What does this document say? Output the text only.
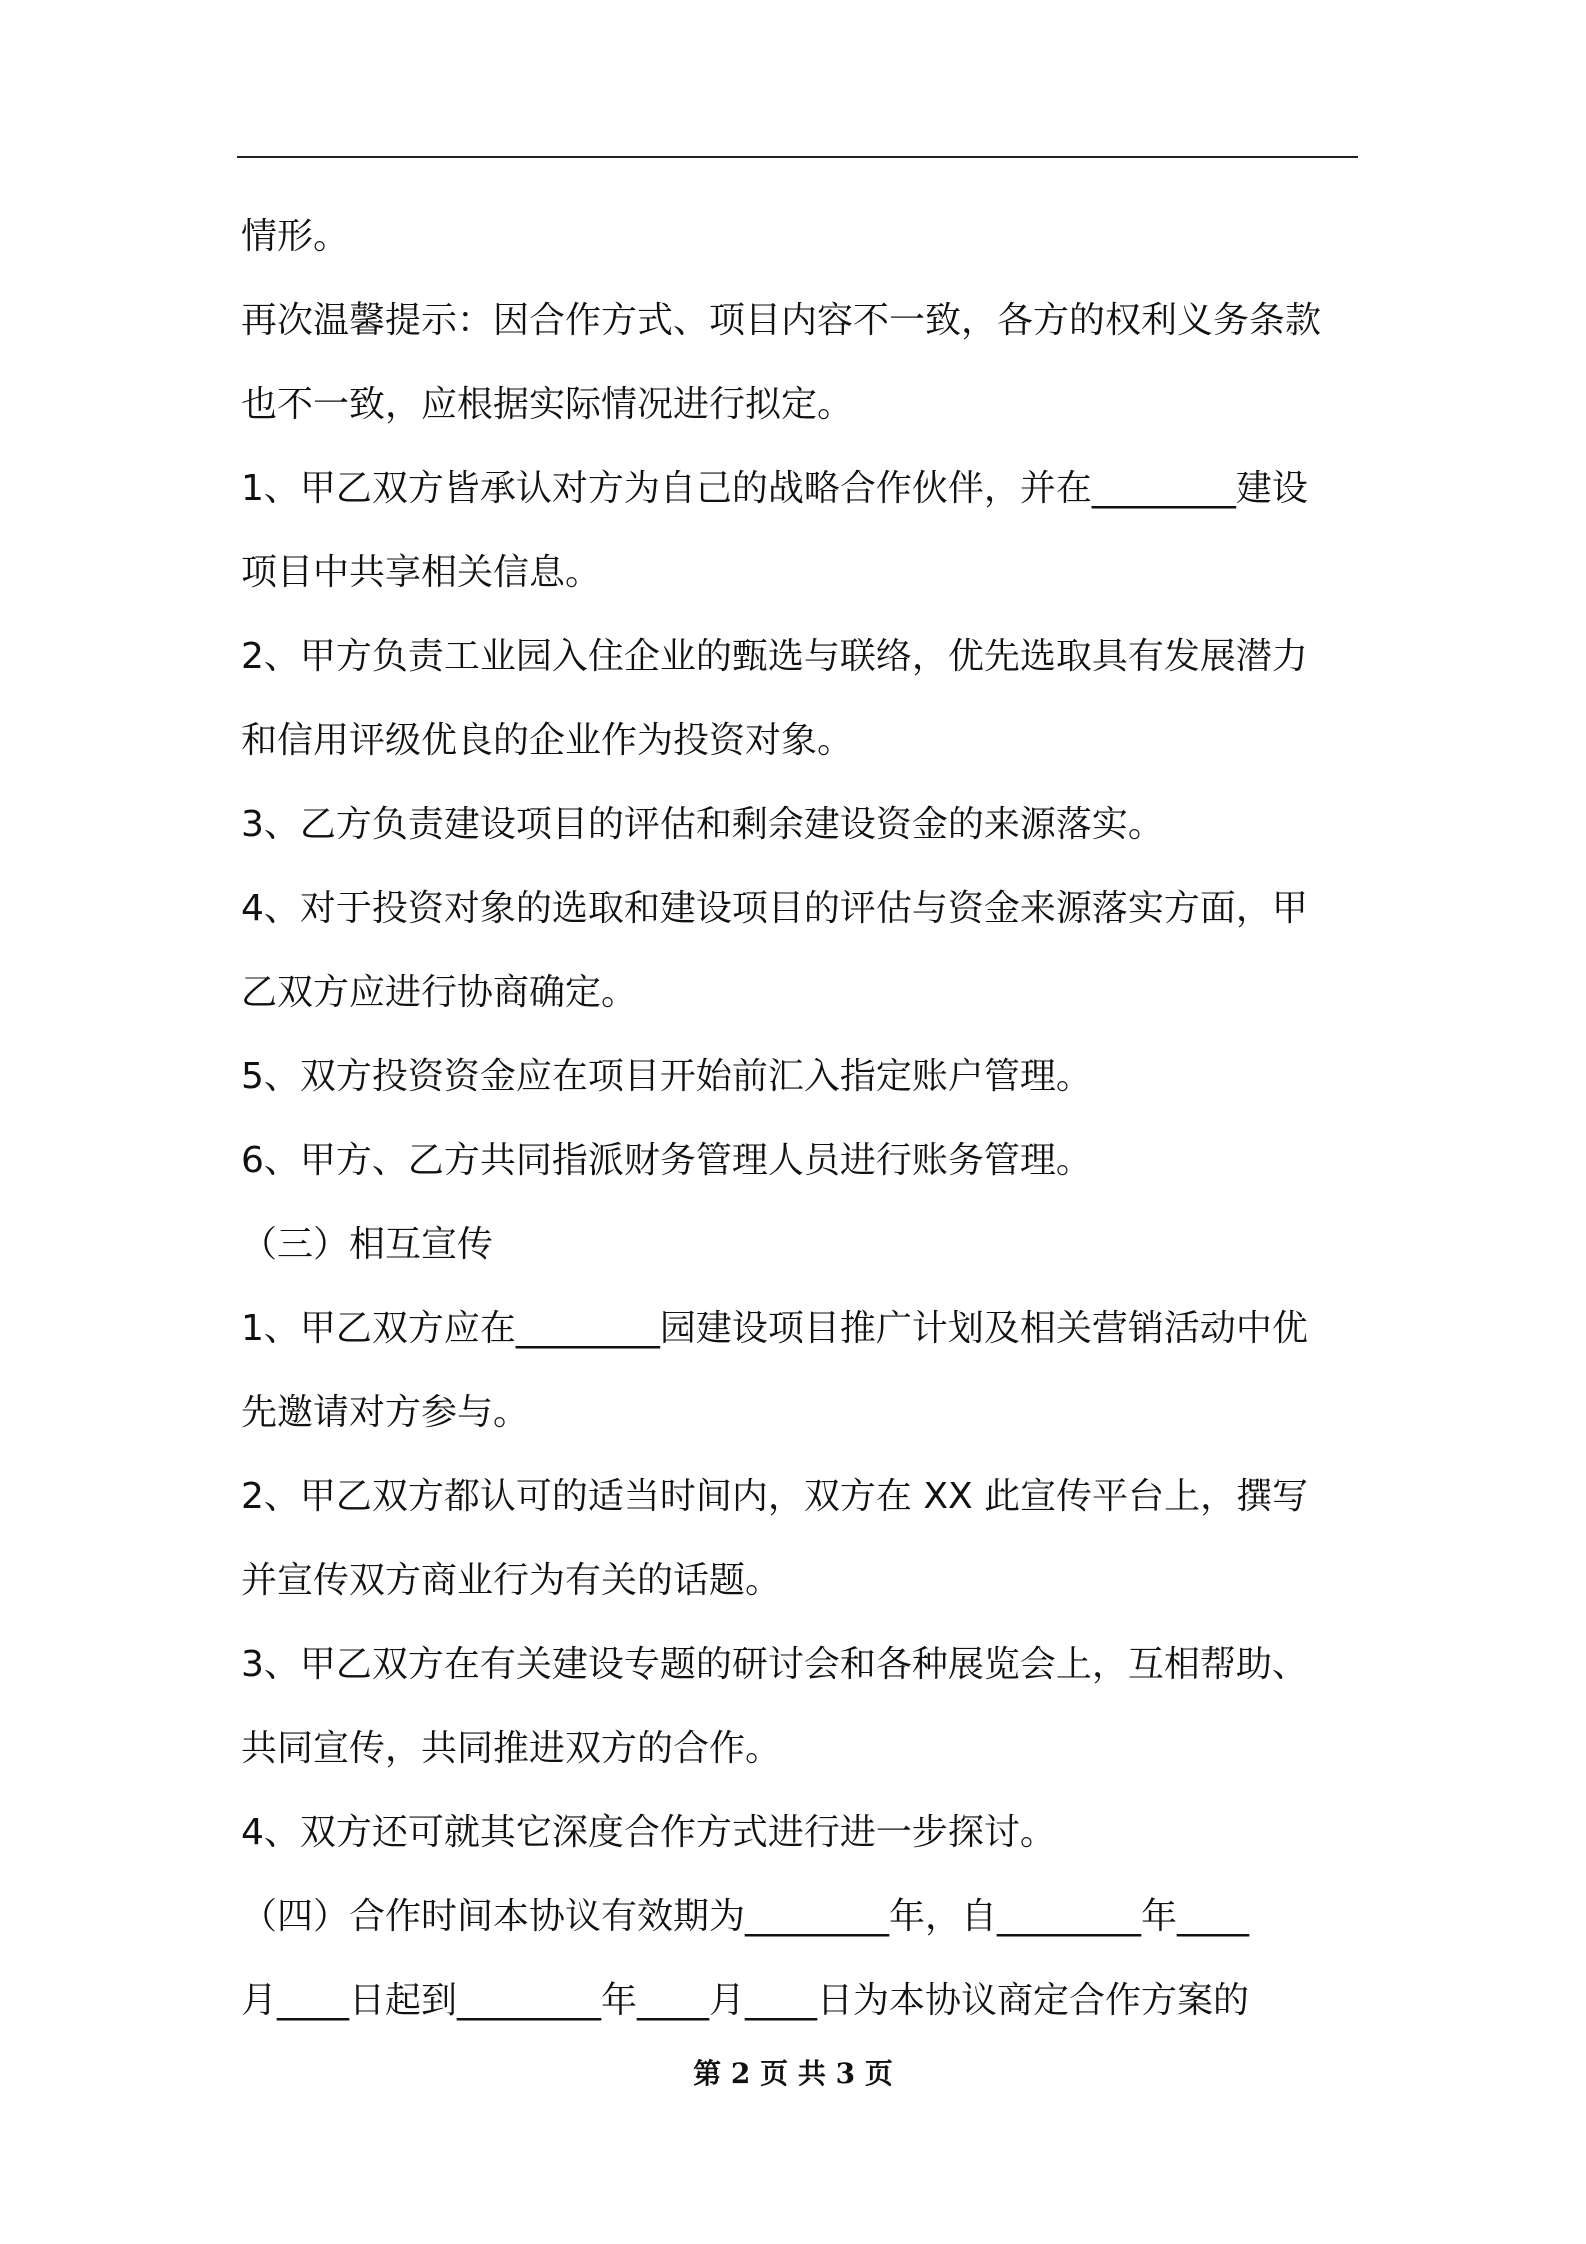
情形。
再次温馨提示：因合作方式、项目内容不一致，各方的权利义务条款
也不一致，应根据实际情况进行拟定。
1、甲乙双方皆承认对方为自己的战略合作伙伴，并在________建设
项目中共享相关信息。
2、甲方负责工业园入住企业的甄选与联络，优先选取具有发展潜力
和信用评级优良的企业作为投资对象。
3、乙方负责建设项目的评估和剩余建设资金的来源落实。
4、对于投资对象的选取和建设项目的评估与资金来源落实方面，甲
乙双方应进行协商确定。
5、双方投资资金应在项目开始前汇入指定账户管理。
6、甲方、乙方共同指派财务管理人员进行账务管理。
（三）相互宣传
1、甲乙双方应在________园建设项目推广计划及相关营销活动中优
先邀请对方参与。
2、甲乙双方都认可的适当时间内，双方在 XX 此宣传平台上，撰写
并宣传双方商业行为有关的话题。
3、甲乙双方在有关建设专题的研讨会和各种展览会上，互相帮助、
共同宣传，共同推进双方的合作。
4、双方还可就其它深度合作方式进行进一步探讨。
（四）合作时间本协议有效期为________年，自________年____
月____日起到________年____月____日为本协议商定合作方案的
第 2 页 共 3 页
